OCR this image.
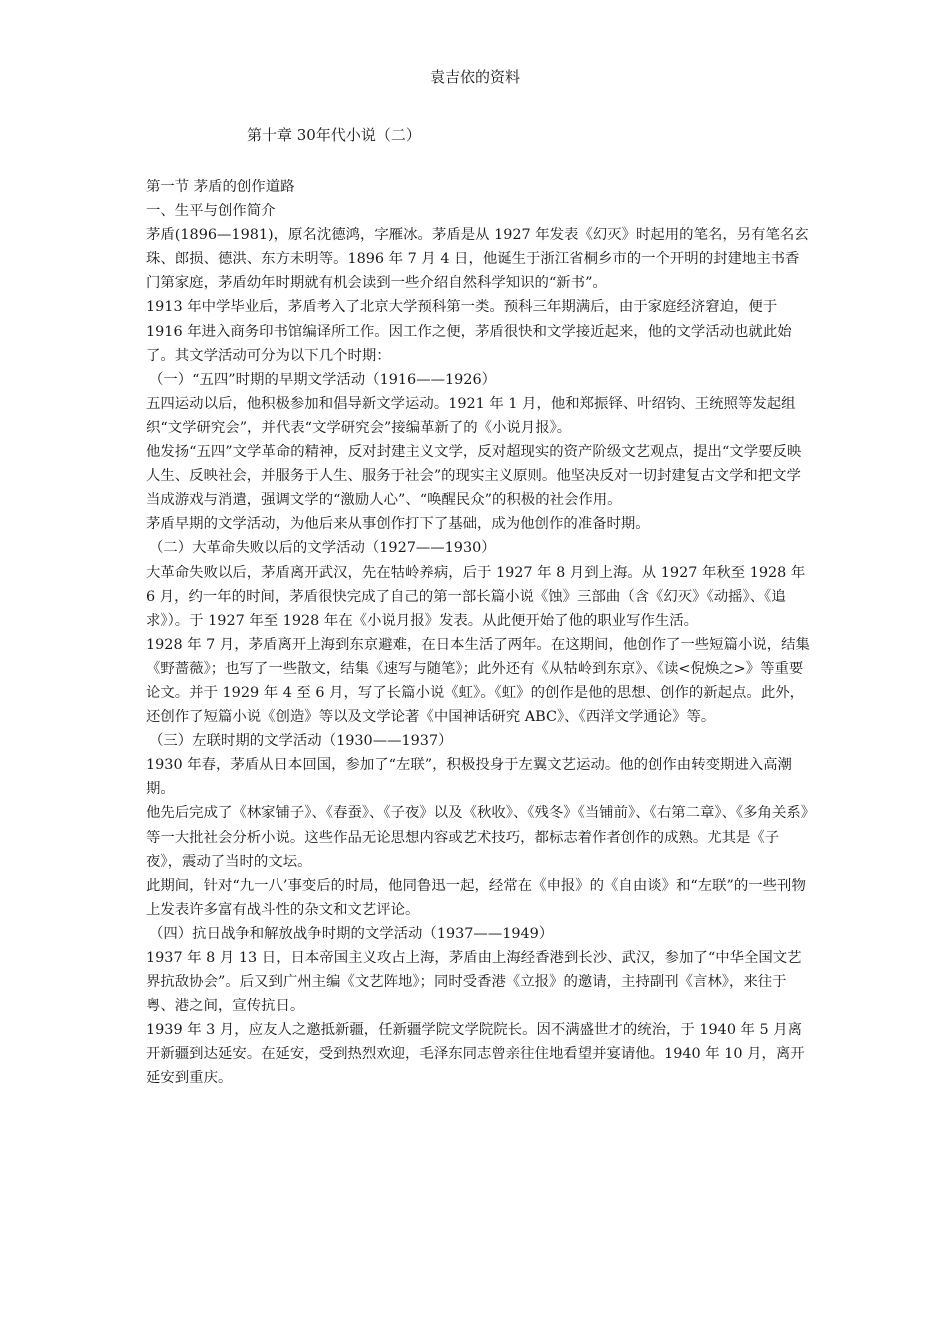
袁吉依的资料
第十章 30年代小说（二）

第一节 茅盾的创作道路

一、生平与创作简介

茅盾(1896—1981)，原名沈德鸿，字雁冰。茅盾是从 1927 年发表《幻灭》时起用的笔名，另有笔名玄珠、郎损、德洪、东方未明等。1896 年 7 月 4 日，他诞生于浙江省桐乡市的一个开明的封建地主书香门第家庭，茅盾幼年时期就有机会读到一些介绍自然科学知识的“新书”。

1913 年中学毕业后，茅盾考入了北京大学预科第一类。预科三年期满后，由于家庭经济窘迫，便于 1916 年进入商务印书馆编译所工作。因工作之便，茅盾很快和文学接近起来，他的文学活动也就此始了。其文学活动可分为以下几个时期：

（一）“五四”时期的早期文学活动（1916——1926）

五四运动以后，他积极参加和倡导新文学运动。1921 年 1 月，他和郑振铎、叶绍钧、王统照等发起组织“文学研究会”，并代表“文学研究会”接编革新了的《小说月报》。

他发扬“五四”文学革命的精神，反对封建主义文学，反对超现实的资产阶级文艺观点，提出“文学要反映人生、反映社会，并服务于人生、服务于社会”的现实主义原则。他坚决反对一切封建复古文学和把文学当成游戏与消遣，强调文学的“激励人心”、“唤醒民众”的积极的社会作用。

茅盾早期的文学活动，为他后来从事创作打下了基础，成为他创作的准备时期。

（二）大革命失败以后的文学活动（1927——1930）

大革命失败以后，茅盾离开武汉，先在牯岭养病，后于 1927 年 8 月到上海。从 1927 年秋至 1928 年 6 月，约一年的时间，茅盾很快完成了自己的第一部长篇小说《蚀》三部曲（含《幻灭》《动摇》、《追求》）。于 1927 年至 1928 年在《小说月报》发表。从此便开始了他的职业写作生活。

1928 年 7 月，茅盾离开上海到东京避难，在日本生活了两年。在这期间，他创作了一些短篇小说，结集《野蔷薇》；也写了一些散文，结集《速写与随笔》；此外还有《从牯岭到东京》、《读<倪焕之>》等重要论文。并于 1929 年 4 至 6 月，写了长篇小说《虹》。《虹》的创作是他的思想、创作的新起点。此外，还创作了短篇小说《创造》等以及文学论著《中国神话研究 ABC》、《西洋文学通论》等。

（三）左联时期的文学活动（1930——1937）

1930 年春，茅盾从日本回国，参加了“左联”，积极投身于左翼文艺运动。他的创作由转变期进入高潮期。

他先后完成了《林家铺子》、《春蚕》、《子夜》以及《秋收》、《残冬》《当铺前》、《右第二章》、《多角关系》等一大批社会分析小说。这些作品无论思想内容或艺术技巧，都标志着作者创作的成熟。尤其是《子夜》，震动了当时的文坛。

此期间，针对“九一八’事变后的时局，他同鲁迅一起，经常在《申报》的《自由谈》和“左联”的一些刊物上发表许多富有战斗性的杂文和文艺评论。

（四）抗日战争和解放战争时期的文学活动（1937——1949）

1937 年 8 月 13 日，日本帝国主义攻占上海，茅盾由上海经香港到长沙、武汉，参加了“中华全国文艺界抗敌协会”。后又到广州主编《文艺阵地》；同时受香港《立报》的邀请，主持副刊《言林》，来往于粤、港之间，宣传抗日。

1939 年 3 月，应友人之邀抵新疆，任新疆学院文学院院长。因不满盛世才的统治，于 1940 年 5 月离开新疆到达延安。在延安，受到热烈欢迎，毛泽东同志曾亲往住地看望并宴请他。1940 年 10 月，离开延安到重庆。
